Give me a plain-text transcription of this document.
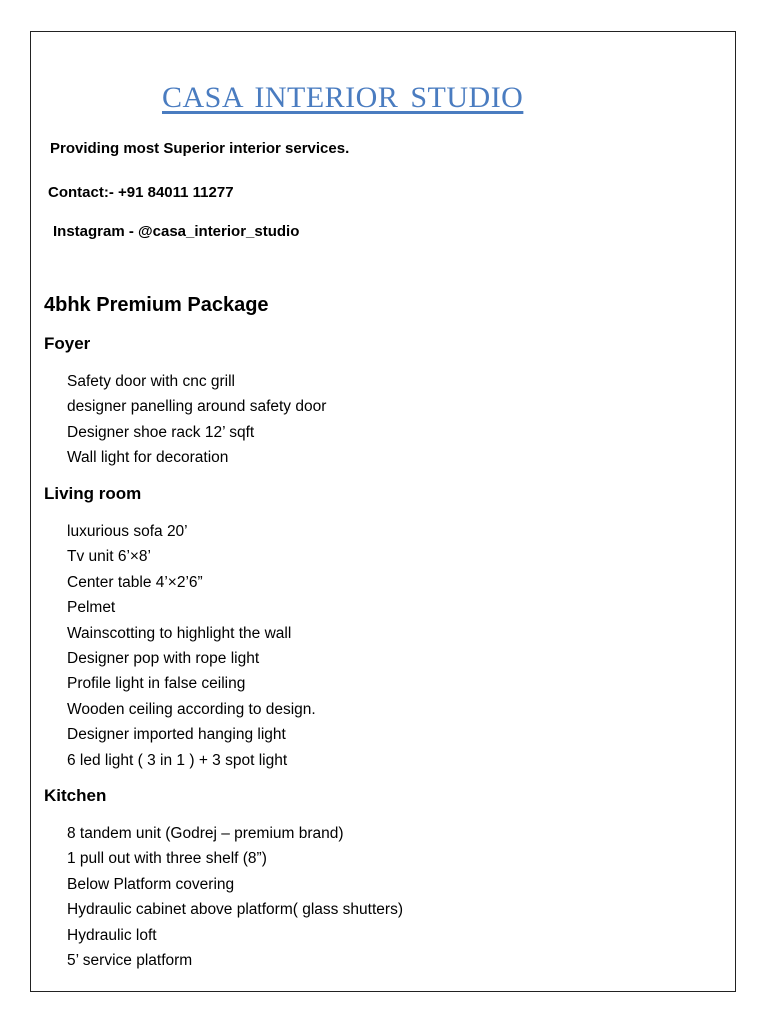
CASA INTERIOR STUDIO
Providing most Superior interior services.
Contact:- +91 84011 11277
Instagram - @casa_interior_studio
4bhk Premium Package
Foyer
Safety door with cnc grill
designer panelling around safety door
Designer shoe rack 12’ sqft
Wall light for decoration
Living room
luxurious sofa 20’
Tv unit 6’×8’
Center table 4’×2’6”
Pelmet
Wainscotting to highlight the wall
Designer pop with rope light
Profile light in false ceiling
Wooden ceiling according to design.
Designer imported hanging light
6 led light ( 3 in 1 ) + 3 spot light
Kitchen
8 tandem unit (Godrej – premium brand)
1 pull out with three shelf (8”)
Below Platform covering
Hydraulic cabinet above platform( glass shutters)
Hydraulic loft
5’ service platform
